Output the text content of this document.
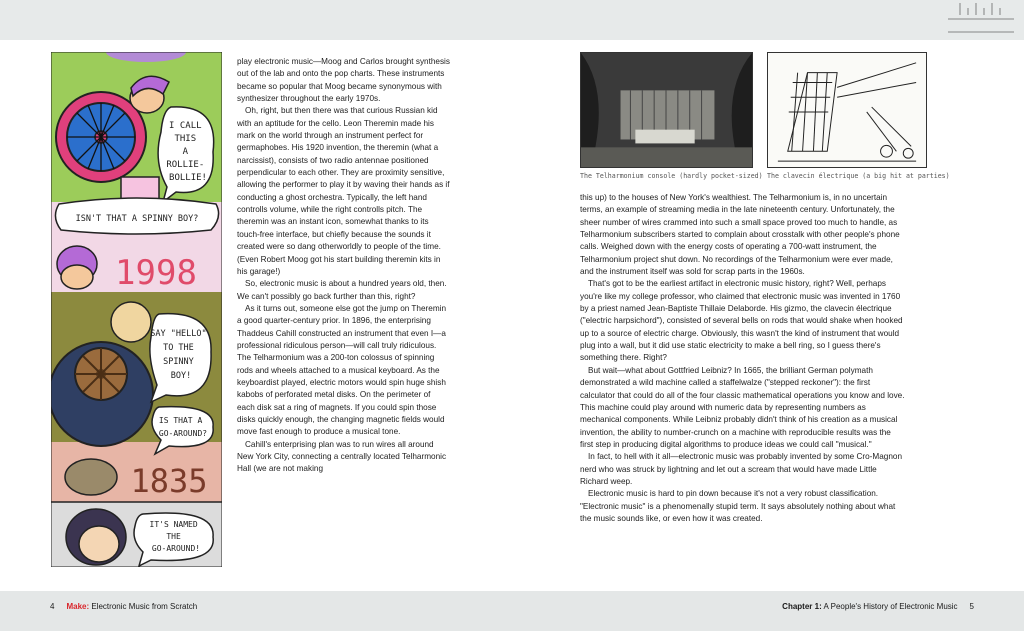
I CALL THIS A ROLLIE- BOLLIE!
ISN'T THAT A SPINNY BOY?
1998
SAY "HELLO" TO THE SPINNY BOY!
IS THAT A GO-AROUND?
1835
IT'S NAMED THE GO-AROUND!

play electronic music—Moog and Carlos brought synthesis out of the lab and onto the pop charts. These instruments became so popular that Moog became synonymous with synthesizer throughout the early 1970s.

Oh, right, but then there was that curious Russian kid with an aptitude for the cello. Leon Theremin made his mark on the world through an instrument perfect for germaphobes. His 1920 invention, the theremin (what a narcissist), consists of two radio antennae positioned perpendicular to each other. They are proximity sensitive, allowing the performer to play it by waving their hands as if conducting a ghost orchestra. Typically, the left hand controlls volume, while the right controlls pitch. The theremin was an instant icon, somewhat thanks to its touch-free interface, but chiefly because the sounds it created were so dang otherworldly to people of the time. (Even Robert Moog got his start building theremin kits in his garage!)

So, electronic music is about a hundred years old, then. We can't possibly go back further than this, right?

As it turns out, someone else got the jump on Theremin a good quarter-century prior. In 1896, the enterprising Thaddeus Cahill constructed an instrument that even I—a professional ridiculous person—will call truly ridiculous. The Telharmonium was a 200-ton colossus of spinning rods and wheels attached to a musical keyboard. As the keyboardist played, electric motors would spin huge shish kabobs of perforated metal disks. On the perimeter of each disk sat a ring of magnets. If you could spin those disks quickly enough, the changing magnetic fields would move fast enough to produce a musical tone.

Cahill's enterprising plan was to run wires all around New York City, connecting a centrally located Telharmonic Hall (we are not making

The Telharmonium console (hardly pocket-sized) The clavecin électrique (a big hit at parties)

this up) to the houses of New York's wealthiest. The Telharmonium is, in no uncertain terms, an example of streaming media in the late nineteenth century. Unfortunately, the sheer number of wires crammed into such a small space proved too much to handle, as Telharmonium subscribers started to complain about crosstalk with other people's phone calls. Weighed down with the energy costs of operating a 700-watt instrument, the Telharmonium project shut down. No recordings of the Telharmonium were ever made, and the instrument itself was sold for scrap parts in the 1960s.

That's got to be the earliest artifact in electronic music history, right? Well, perhaps you're like my college professor, who claimed that electronic music was invented in 1760 by a priest named Jean-Baptiste Thillaie Delaborde. His gizmo, the clavecin électrique ("electric harpsichord"), consisted of several bells on rods that would shake when hooked up to a source of electric charge. Obviously, this wasn't the kind of instrument that would plug into a wall, but it did use static electricity to make a bell ring, so I guess there's something there. Right?

But wait—what about Gottfried Leibniz? In 1665, the brilliant German polymath demonstrated a wild machine called a staffelwalze ("stepped reckoner"): the first calculator that could do all of the four classic mathematical operations you know and love. This machine could play around with numeric data by representing numbers as mechanical components. While Leibniz probably didn't think of his creation as a musical invention, the ability to number-crunch on a machine with reproducible results was the first step in producing digital algorithms to produce ideas we could call "musical."

In fact, to hell with it all—electronic music was probably invented by some Cro-Magnon nerd who was struck by lightning and let out a scream that would have made Little Richard weep.

Electronic music is hard to pin down because it's not a very robust classification. "Electronic music" is a phenomenally stupid term. It says absolutely nothing about what the music sounds like, or even how it was created.

4 Make: Electronic Music from Scratch	Chapter 1: A People's History of Electronic Music 5
